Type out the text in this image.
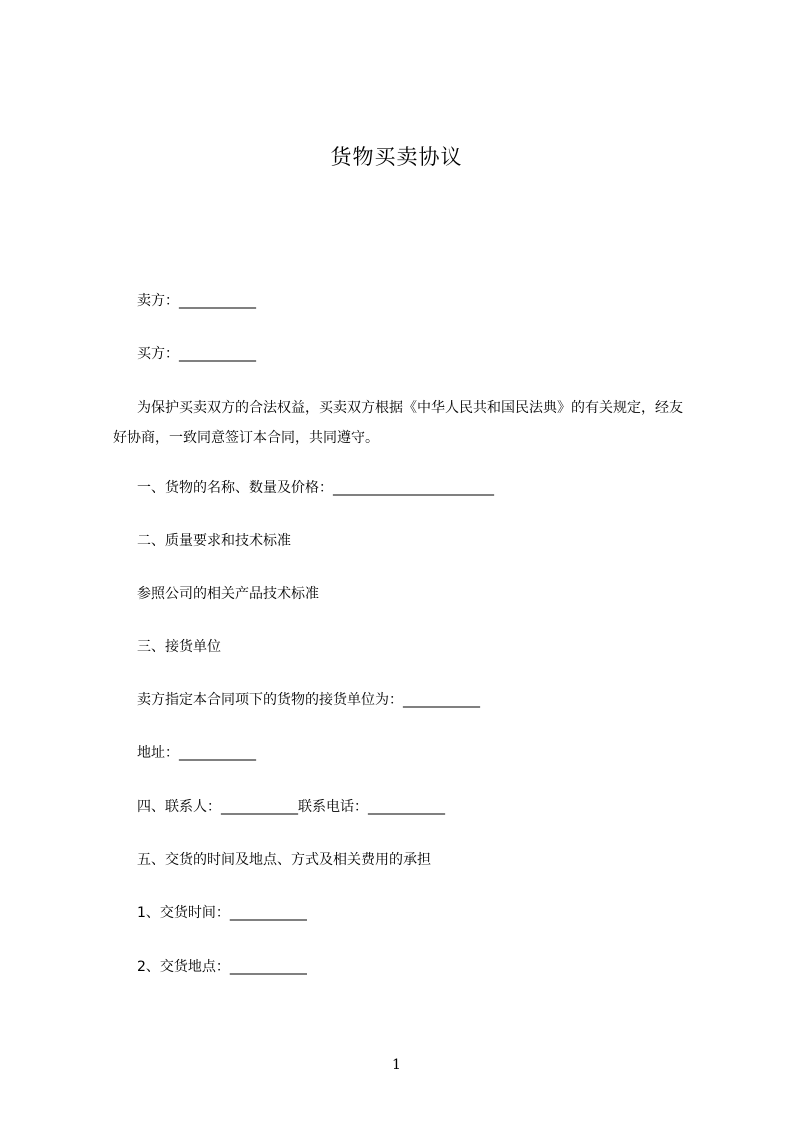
货物买卖协议
卖方：___________
买方：___________
为保护买卖双方的合法权益，买卖双方根据《中华人民共和国民法典》的有关规定，经友好协商，一致同意签订本合同，共同遵守。
一、货物的名称、数量及价格：_______________________
二、质量要求和技术标准
参照公司的相关产品技术标准
三、接货单位
卖方指定本合同项下的货物的接货单位为：___________
地址：___________
四、联系人：___________联系电话：___________
五、交货的时间及地点、方式及相关费用的承担
1、交货时间：___________
2、交货地点：___________
1
